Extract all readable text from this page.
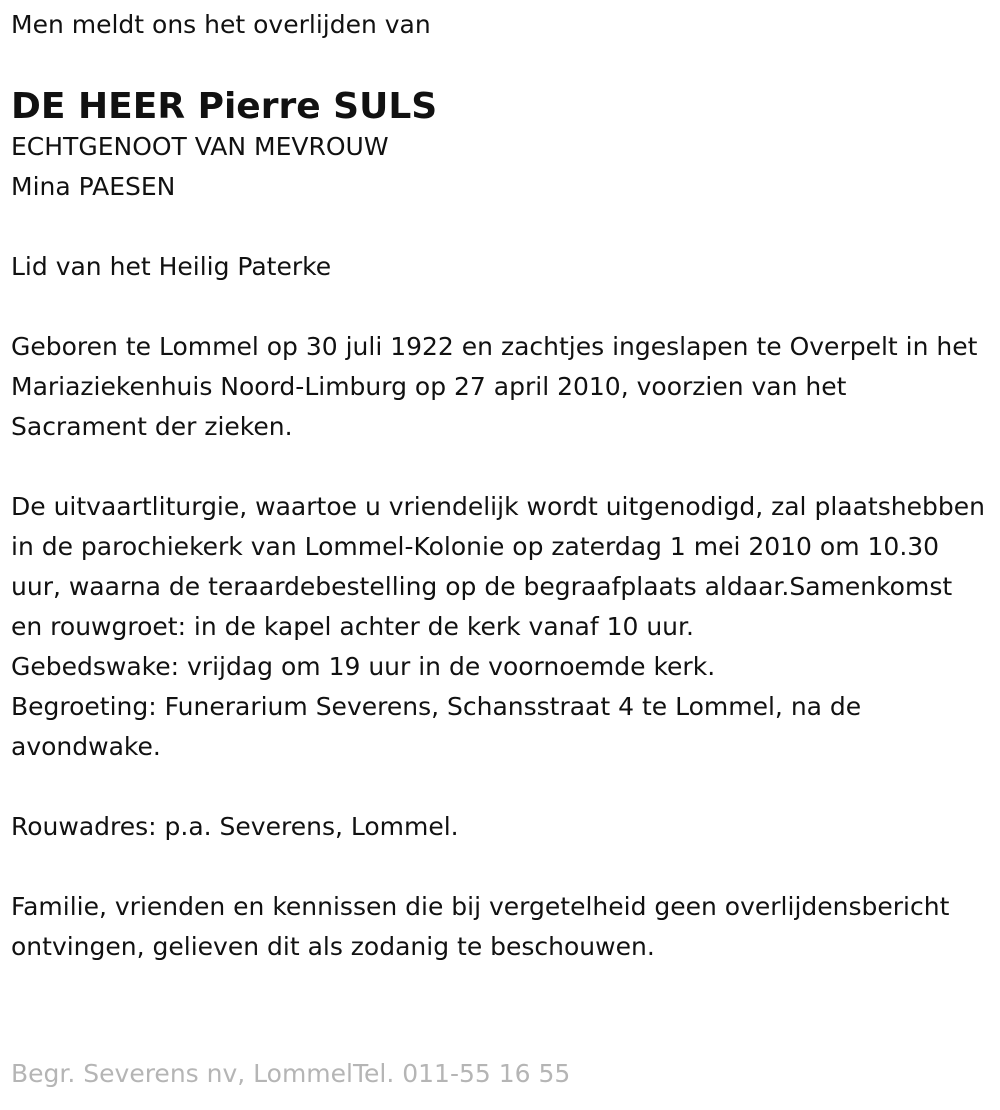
Men meldt ons het overlijden van

DE HEER Pierre SULS

ECHTGENOOT VAN MEVROUW

Mina PAESEN

Lid van het Heilig Paterke

Geboren te Lommel op 30 juli 1922 en zachtjes ingeslapen te Overpelt in het Mariaziekenhuis Noord-Limburg op 27 april 2010, voorzien van het Sacrament der zieken.

De uitvaartliturgie, waartoe u vriendelijk wordt uitgenodigd, zal plaatshebben in de parochiekerk van Lommel-Kolonie op zaterdag 1 mei 2010 om 10.30 uur, waarna de teraardebestelling op de begraafplaats aldaar.Samenkomst en rouwgroet: in de kapel achter de kerk vanaf 10 uur.

Gebedswake: vrijdag om 19 uur in de voornoemde kerk.

Begroeting: Funerarium Severens, Schansstraat 4 te Lommel, na de avondwake.

Rouwadres: p.a. Severens, Lommel.

Familie, vrienden en kennissen die bij vergetelheid geen overlijdensbericht ontvingen, gelieven dit als zodanig te beschouwen.

Begr. Severens nv, LommelTel. 011-55 16 55
